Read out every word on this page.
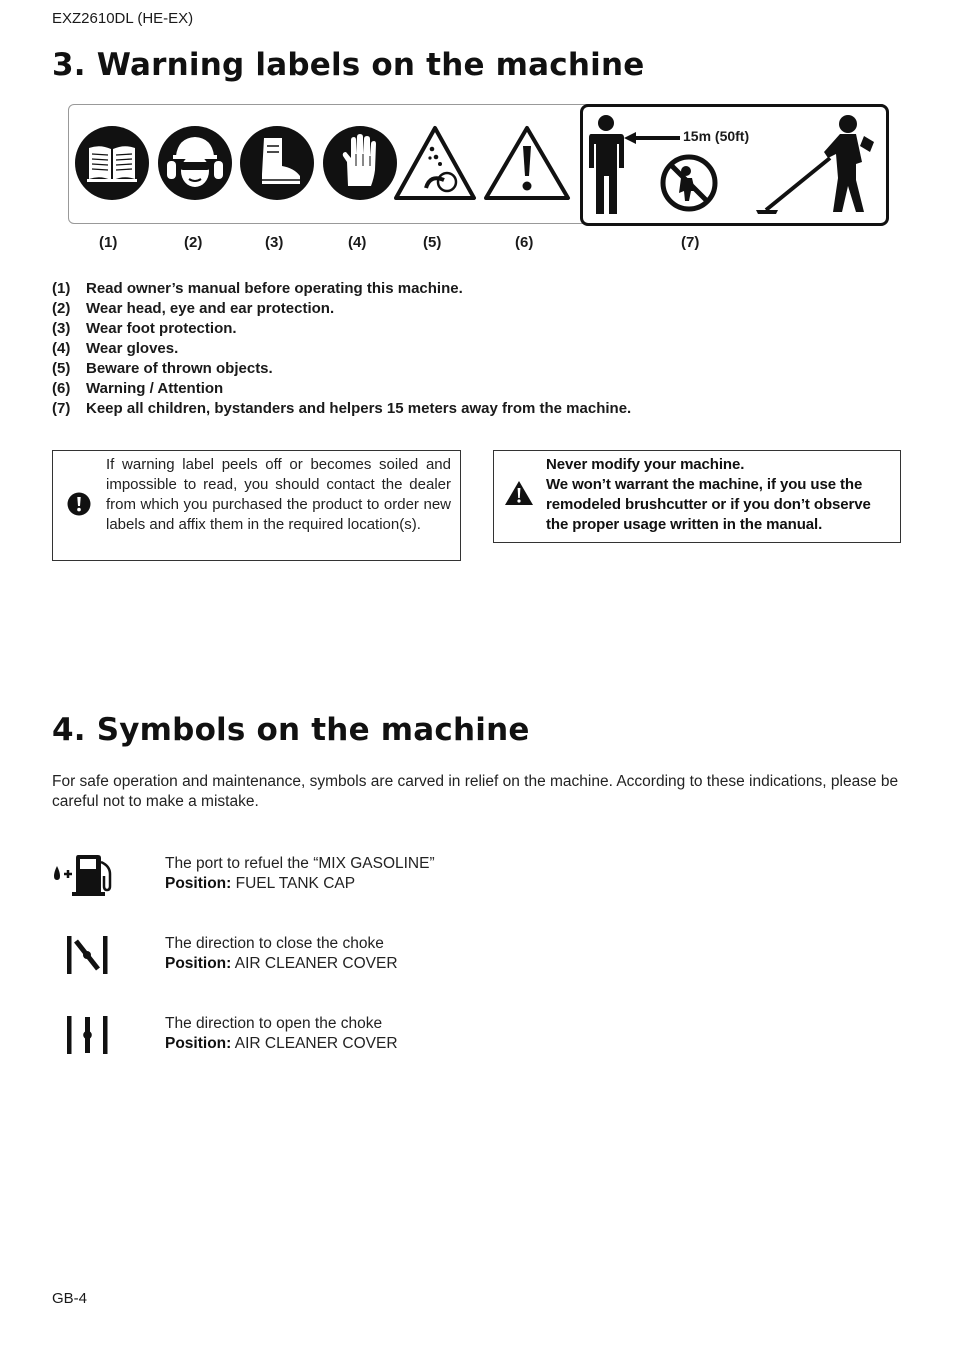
EXZ2610DL (HE-EX)
3. Warning labels on the machine
15m (50ft)
(1)	(2)	(3)	(4)	(5)	(6)	(7)
(1) Read owner’s manual before operating this machine.
(2) Wear head, eye and ear protection.
(3) Wear foot protection.
(4) Wear gloves.
(5) Beware of thrown objects.
(6) Warning / Attention
(7) Keep all children, bystanders and helpers 15 meters away from the machine.
If warning label peels off or becomes soiled and impossible to read, you should contact the dealer from which you purchased the product to order new labels and affix them in the required location(s).
Never modify your machine.
We won’t warrant the machine, if you use the remodeled brushcutter or if you don’t observe the proper usage written in the manual.
4. Symbols on the machine
For safe operation and maintenance, symbols are carved in relief on the machine. According to these indications, please be careful not to make a mistake.
The port to refuel the “MIX GASOLINE”
Position: FUEL TANK CAP
The direction to close the choke
Position: AIR CLEANER COVER
The direction to open the choke
Position: AIR CLEANER COVER
GB-4
